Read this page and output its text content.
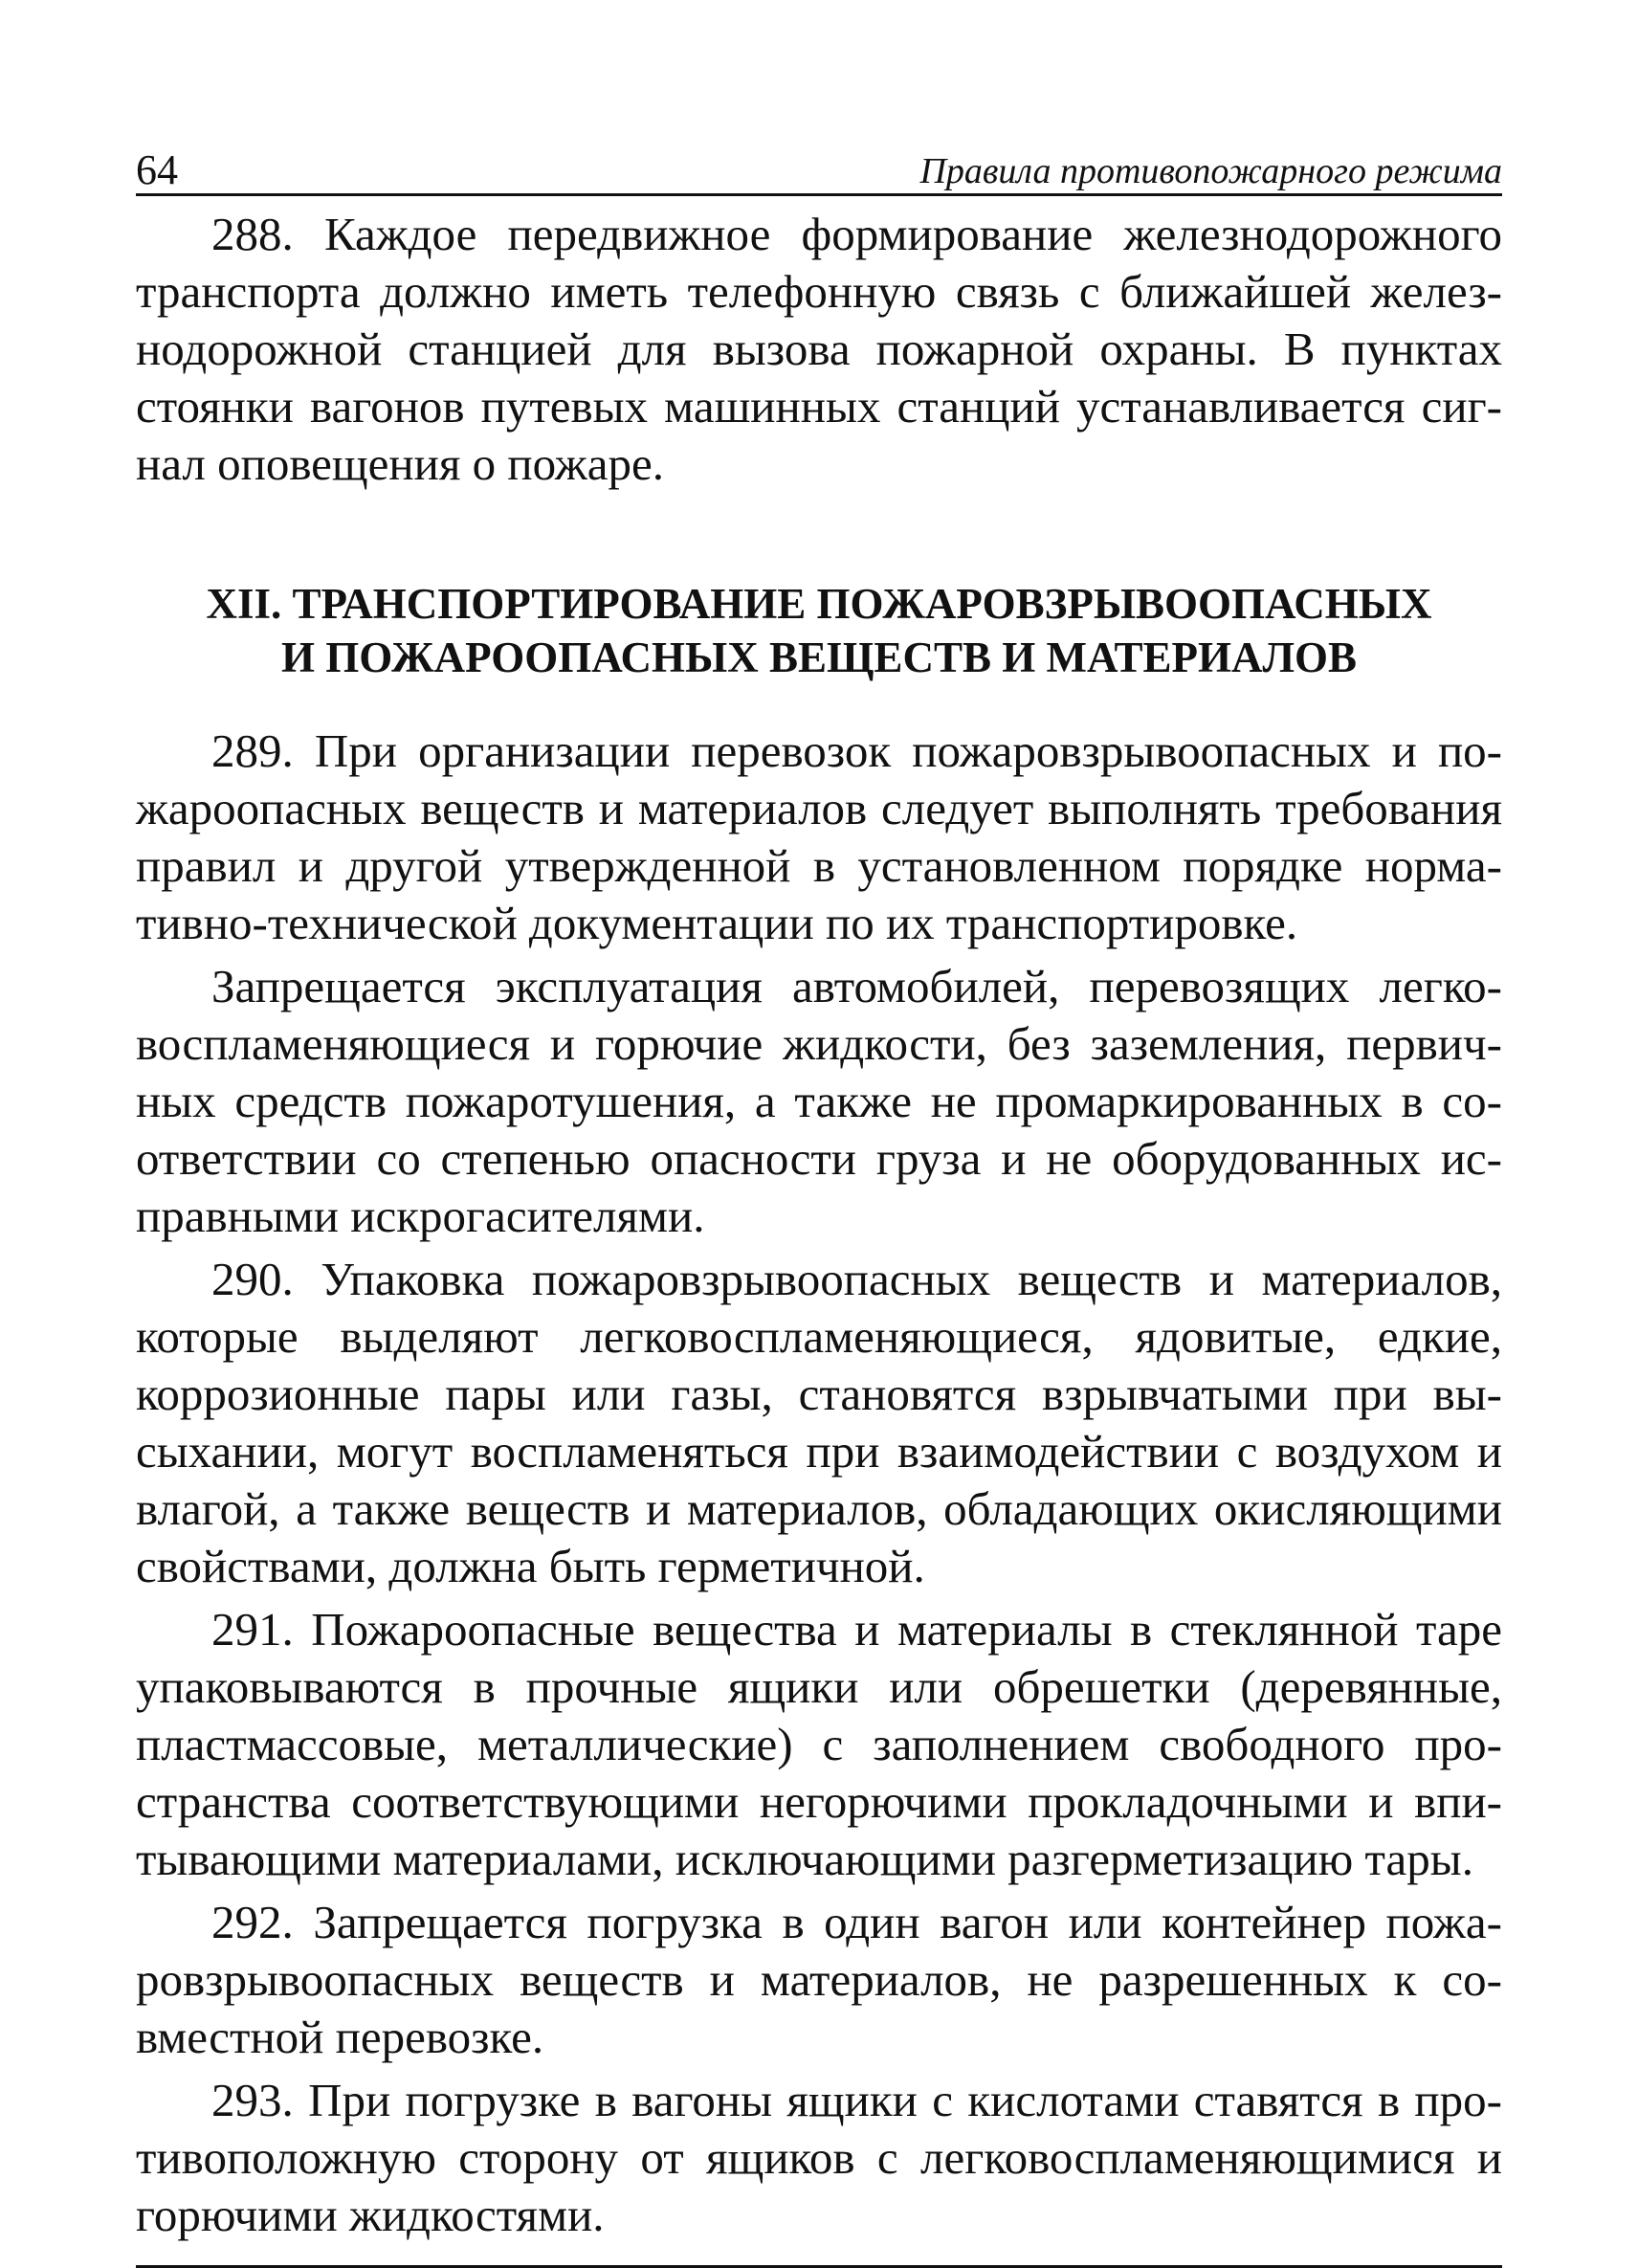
64	Правила противопожарного режима

288. Каждое передвижное формирование железнодорожного транспорта должно иметь телефонную связь с ближайшей железнодорожной станцией для вызова пожарной охраны. В пунктах стоянки вагонов путевых машинных станций устанавливается сигнал оповещения о пожаре.

XII. ТРАНСПОРТИРОВАНИЕ ПОЖАРОВЗРЫВООПАСНЫХ
И ПОЖАРООПАСНЫХ ВЕЩЕСТВ И МАТЕРИАЛОВ

289. При организации перевозок пожаровзрывоопасных и пожароопасных веществ и материалов следует выполнять требования правил и другой утвержденной в установленном порядке нормативно-технической документации по их транспортировке.

Запрещается эксплуатация автомобилей, перевозящих легковоспламеняющиеся и горючие жидкости, без заземления, первичных средств пожаротушения, а также не промаркированных в соответствии со степенью опасности груза и не оборудованных исправными искрогасителями.

290. Упаковка пожаровзрывоопасных веществ и материалов, которые выделяют легковоспламеняющиеся, ядовитые, едкие, коррозионные пары или газы, становятся взрывчатыми при высыхании, могут воспламеняться при взаимодействии с воздухом и влагой, а также веществ и материалов, обладающих окисляющими свойствами, должна быть герметичной.

291. Пожароопасные вещества и материалы в стеклянной таре упаковываются в прочные ящики или обрешетки (деревянные, пластмассовые, металлические) с заполнением свободного пространства соответствующими негорючими прокладочными и впитывающими материалами, исключающими разгерметизацию тары.

292. Запрещается погрузка в один вагон или контейнер пожаровзрывоопасных веществ и материалов, не разрешенных к совместной перевозке.

293. При погрузке в вагоны ящики с кислотами ставятся в противоположную сторону от ящиков с легковоспламеняющимися и горючими жидкостями.
